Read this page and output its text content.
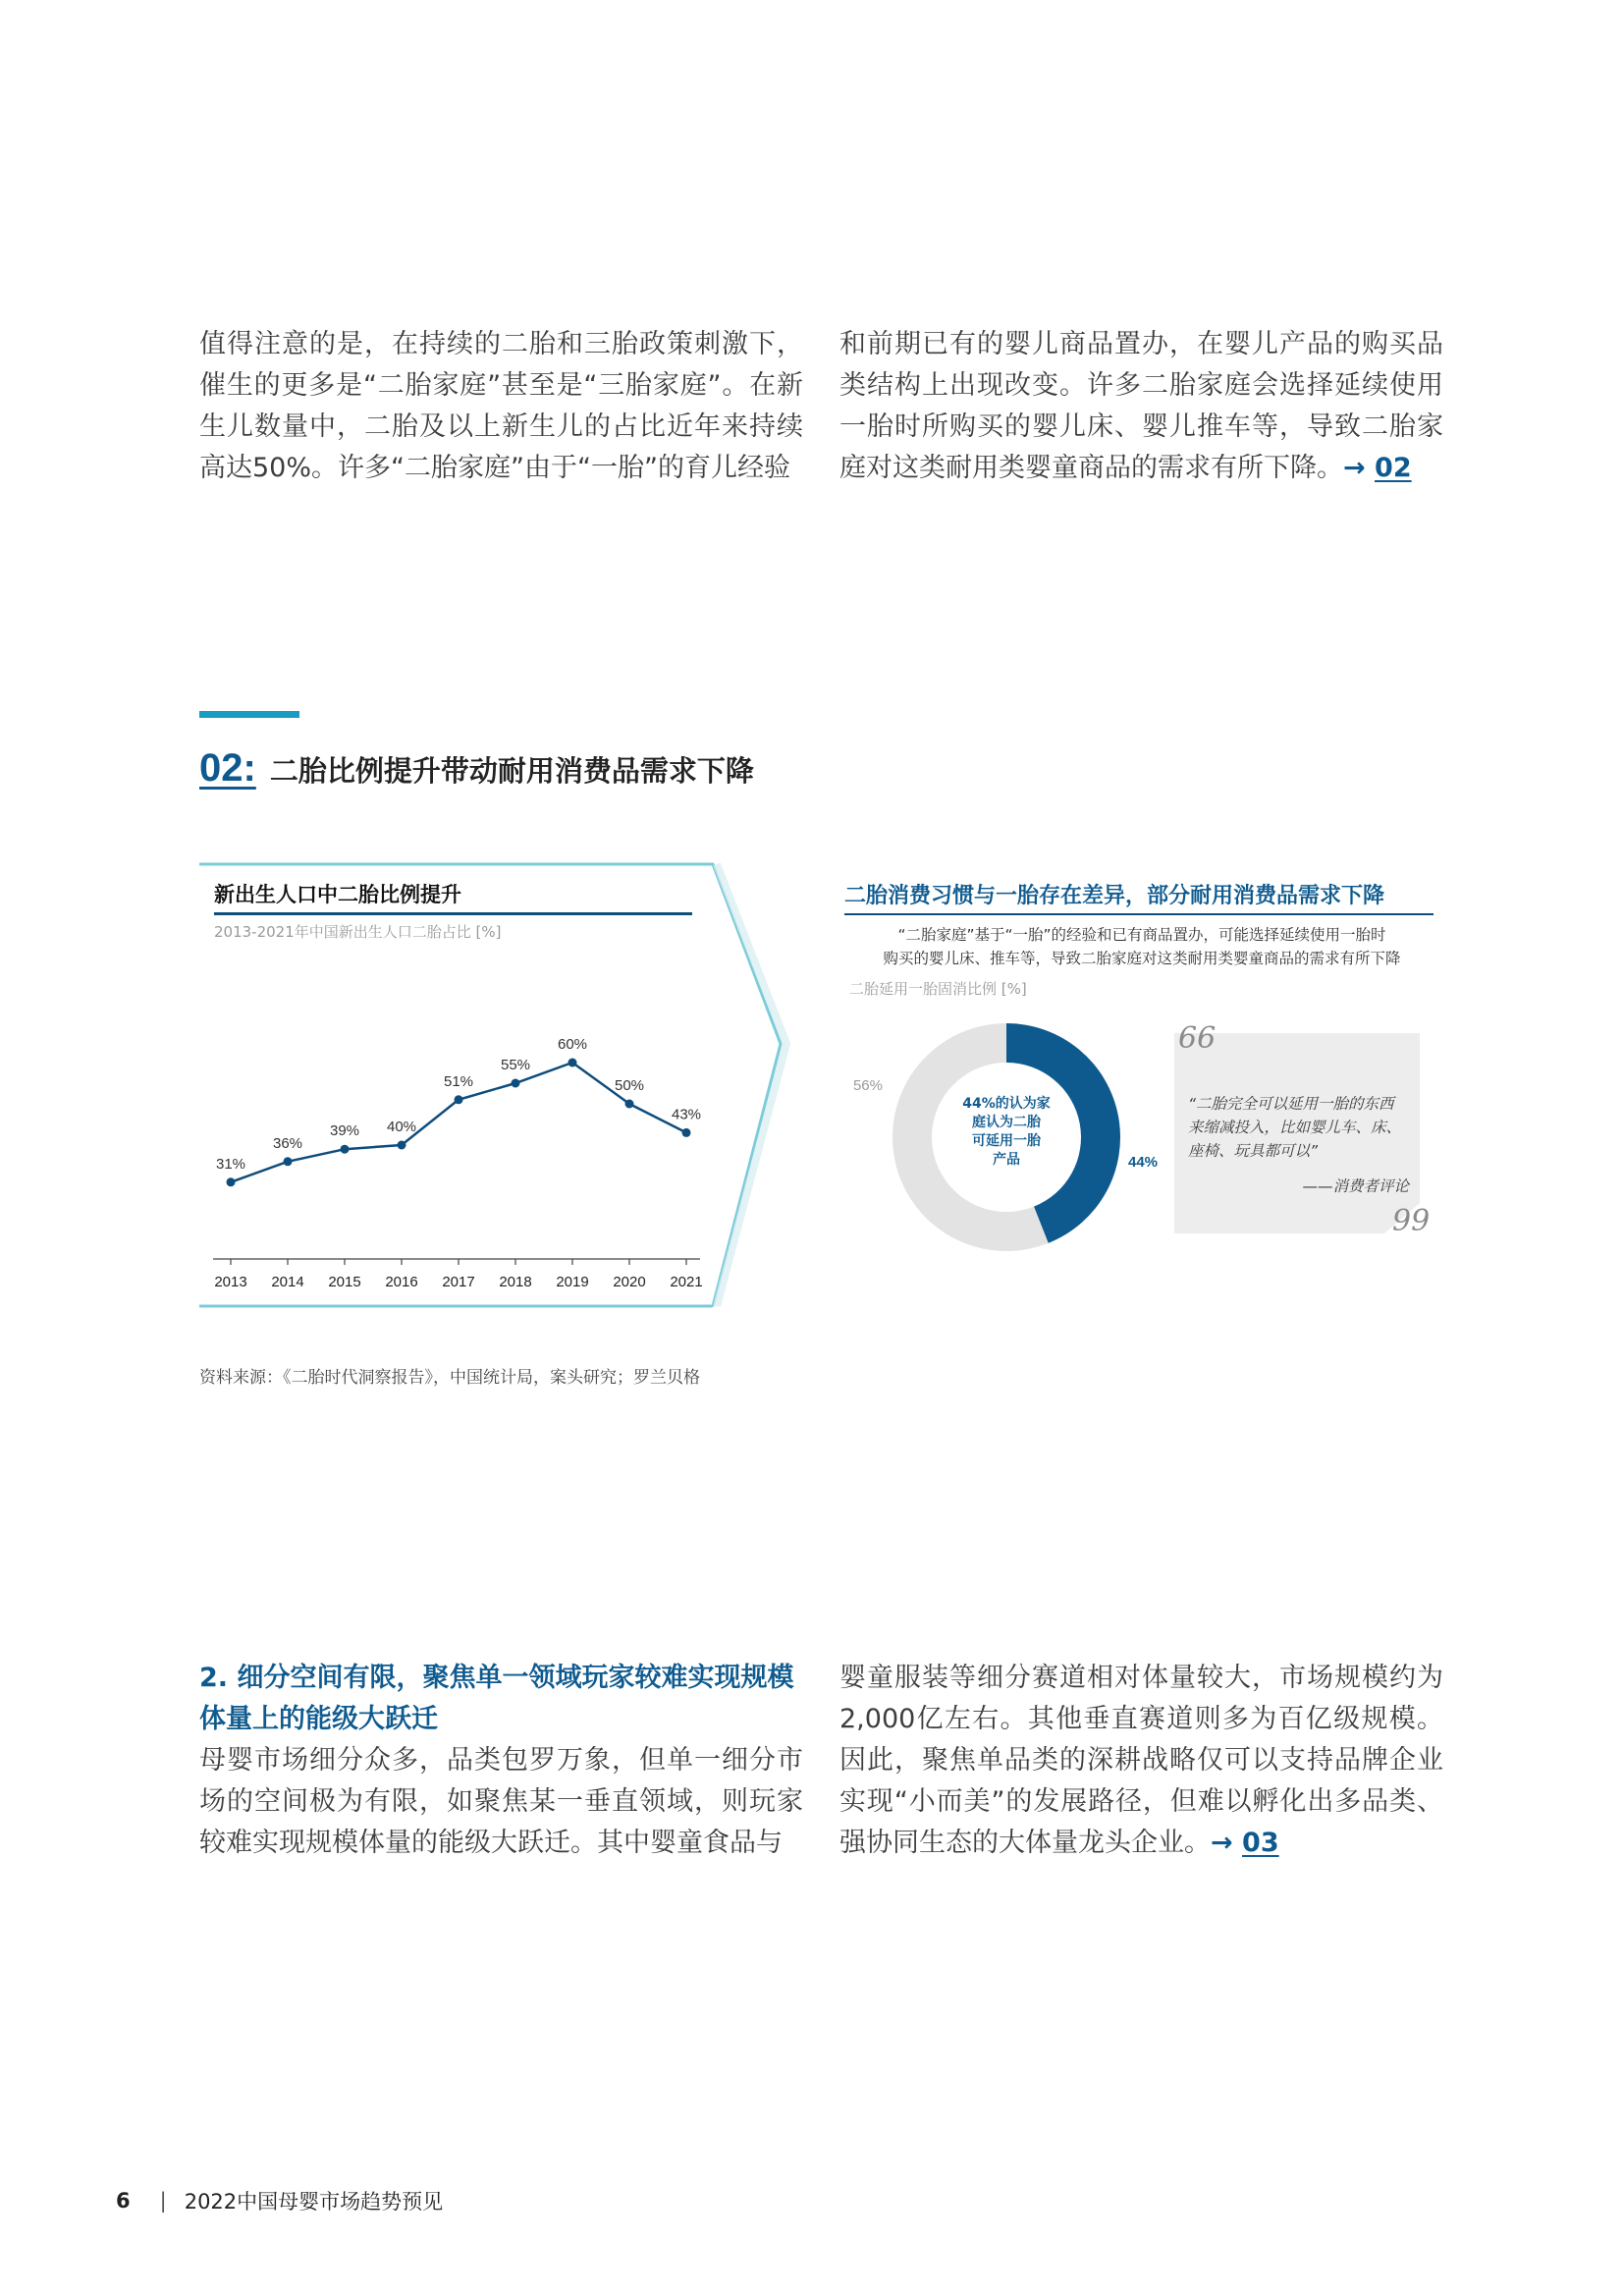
值得注意的是，在持续的二胎和三胎政策刺激下，催生的更多是“二胎家庭”甚至是“三胎家庭”。在新生儿数量中，二胎及以上新生儿的占比近年来持续高达50%。许多“二胎家庭”由于“一胎”的育儿经验
和前期已有的婴儿商品置办，在婴儿产品的购买品类结构上出现改变。许多二胎家庭会选择延续使用一胎时所购买的婴儿床、婴儿推车等，导致二胎家庭对这类耐用类婴童商品的需求有所下降。→ 02
02: 二胎比例提升带动耐用消费品需求下降
新出生人口中二胎比例提升
2013-2021年中国新出生人口二胎占比 [%]
2013 2014 2015 2016 2017 2018 2019 2020 2021
31%
36%
39% 40%
51%
55%
60%
50%
43%
二胎消费习惯与一胎存在差异，部分耐用消费品需求下降
“二胎家庭”基于“一胎”的经验和已有商品置办，可能选择延续使用一胎时
购买的婴儿床、推车等，导致二胎家庭对这类耐用类婴童商品的需求有所下降
二胎延用一胎固消比例 [%]
44%
56%
44%的认为家
庭认为二胎
可延用一胎
产品
66
“二胎完全可以延用一胎的东西来缩减投入，比如婴儿车、床、座椅、玩具都可以”
——消费者评论
99
资料来源：《二胎时代洞察报告》，中国统计局，案头研究；罗兰贝格
2. 细分空间有限，聚焦单一领域玩家较难实现规模体量上的能级大跃迁
母婴市场细分众多，品类包罗万象，但单一细分市场的空间极为有限，如聚焦某一垂直领域，则玩家较难实现规模体量的能级大跃迁。其中婴童食品与
婴童服装等细分赛道相对体量较大，市场规模约为2,000亿左右。其他垂直赛道则多为百亿级规模。因此，聚焦单品类的深耕战略仅可以支持品牌企业实现“小而美”的发展路径，但难以孵化出多品类、强协同生态的大体量龙头企业。→ 03
6 | 2022中国母婴市场趋势预见
